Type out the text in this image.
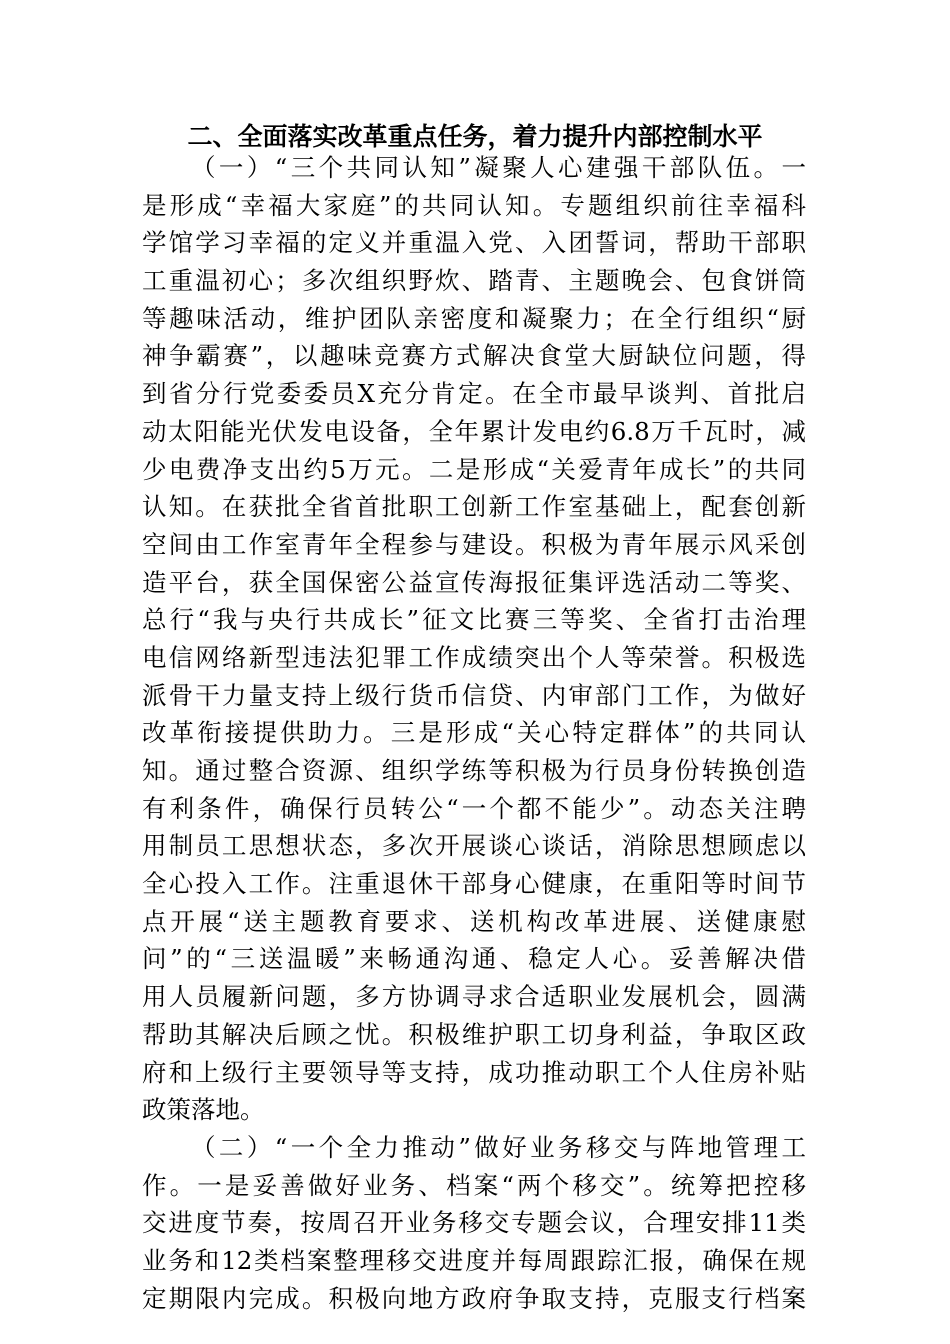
二、全面落实改革重点任务，着力提升内部控制水平
（一）“三个共同认知”凝聚人心建强干部队伍。一
是形成“幸福大家庭”的共同认知。专题组织前往幸福科
学馆学习幸福的定义并重温入党、入团誓词，帮助干部职
工重温初心；多次组织野炊、踏青、主题晚会、包食饼筒
等趣味活动，维护团队亲密度和凝聚力；在全行组织“厨
神争霸赛”，以趣味竞赛方式解决食堂大厨缺位问题，得
到省分行党委委员X充分肯定。在全市最早谈判、首批启
动太阳能光伏发电设备，全年累计发电约6.8万千瓦时，减
少电费净支出约5万元。二是形成“关爱青年成长”的共同
认知。在获批全省首批职工创新工作室基础上，配套创新
空间由工作室青年全程参与建设。积极为青年展示风采创
造平台，获全国保密公益宣传海报征集评选活动二等奖、
总行“我与央行共成长”征文比赛三等奖、全省打击治理
电信网络新型违法犯罪工作成绩突出个人等荣誉。积极选
派骨干力量支持上级行货币信贷、内审部门工作，为做好
改革衔接提供助力。三是形成“关心特定群体”的共同认
知。通过整合资源、组织学练等积极为行员身份转换创造
有利条件，确保行员转公“一个都不能少”。动态关注聘
用制员工思想状态，多次开展谈心谈话，消除思想顾虑以
全心投入工作。注重退休干部身心健康，在重阳等时间节
点开展“送主题教育要求、送机构改革进展、送健康慰
问”的“三送温暖”来畅通沟通、稳定人心。妥善解决借
用人员履新问题，多方协调寻求合适职业发展机会，圆满
帮助其解决后顾之忧。积极维护职工切身利益，争取区政
府和上级行主要领导等支持，成功推动职工个人住房补贴
政策落地。
（二）“一个全力推动”做好业务移交与阵地管理工
作。一是妥善做好业务、档案“两个移交”。统筹把控移
交进度节奏，按周召开业务移交专题会议，合理安排11类
业务和12类档案整理移交进度并每周跟踪汇报，确保在规
定期限内完成。积极向地方政府争取支持，克服支行档案
